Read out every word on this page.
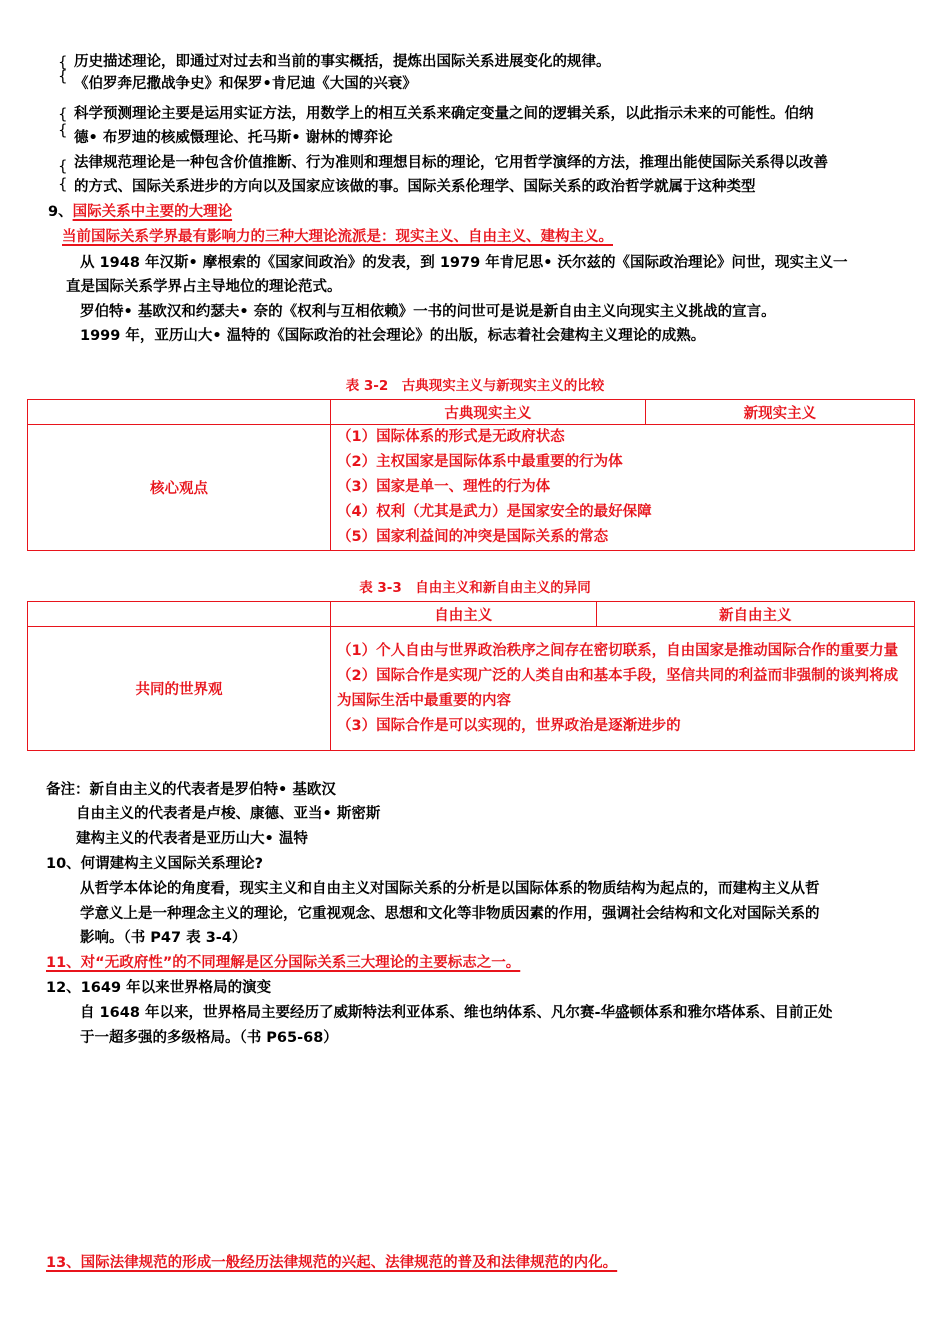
{
{
历史描述理论，即通过对过去和当前的事实概括，提炼出国际关系进展变化的规律。
《伯罗奔尼撒战争史》和保罗•肯尼迪《大国的兴衰》
{
{
科学预测理论主要是运用实证方法，用数学上的相互关系来确定变量之间的逻辑关系，以此指示未来的可能性。伯纳
德• 布罗迪的核威慑理论、托马斯• 谢林的博弈论
{
{
法律规范理论是一种包含价值推断、行为准则和理想目标的理论，它用哲学演绎的方法，推理出能使国际关系得以改善
的方式、国际关系进步的方向以及国家应该做的事。国际关系伦理学、国际关系的政治哲学就属于这种类型
9、国际关系中主要的大理论
当前国际关系学界最有影响力的三种大理论流派是：现实主义、自由主义、建构主义。
从 1948 年汉斯• 摩根索的《国家间政治》的发表，到 1979 年肯尼思• 沃尔兹的《国际政治理论》问世，现实主义一
直是国际关系学界占主导地位的理论范式。
罗伯特• 基欧汉和约瑟夫• 奈的《权利与互相依赖》一书的问世可是说是新自由主义向现实主义挑战的宣言。
1999 年，亚历山大• 温特的《国际政治的社会理论》的出版，标志着社会建构主义理论的成熟。
表 3-2　古典现实主义与新现实主义的比较
	古典现实主义	新现实主义
核心观点	（1）国际体系的形式是无政府状态
（2）主权国家是国际体系中最重要的行为体
（3）国家是单一、理性的行为体
（4）权利（尤其是武力）是国家安全的最好保障
（5）国家利益间的冲突是国际关系的常态	
表 3-3　自由主义和新自由主义的异同
	自由主义	新自由主义
共同的世界观	（1）个人自由与世界政治秩序之间存在密切联系，自由国家是推动国际合作的重要力量
（2）国际合作是实现广泛的人类自由和基本手段，坚信共同的利益而非强制的谈判将成为国际生活中最重要的内容
（3）国际合作是可以实现的，世界政治是逐渐进步的	
备注：新自由主义的代表者是罗伯特• 基欧汉
自由主义的代表者是卢梭、康德、亚当• 斯密斯
建构主义的代表者是亚历山大• 温特
10、何谓建构主义国际关系理论?
从哲学本体论的角度看，现实主义和自由主义对国际关系的分析是以国际体系的物质结构为起点的，而建构主义从哲
学意义上是一种理念主义的理论，它重视观念、思想和文化等非物质因素的作用，强调社会结构和文化对国际关系的
影响。（书 P47 表 3-4）
11、对“无政府性”的不同理解是区分国际关系三大理论的主要标志之一。
12、1649 年以来世界格局的演变
自 1648 年以来，世界格局主要经历了威斯特法利亚体系、维也纳体系、凡尔赛-华盛顿体系和雅尔塔体系、目前正处
于一超多强的多级格局。（书 P65-68）
13、国际法律规范的形成一般经历法律规范的兴起、法律规范的普及和法律规范的内化。
